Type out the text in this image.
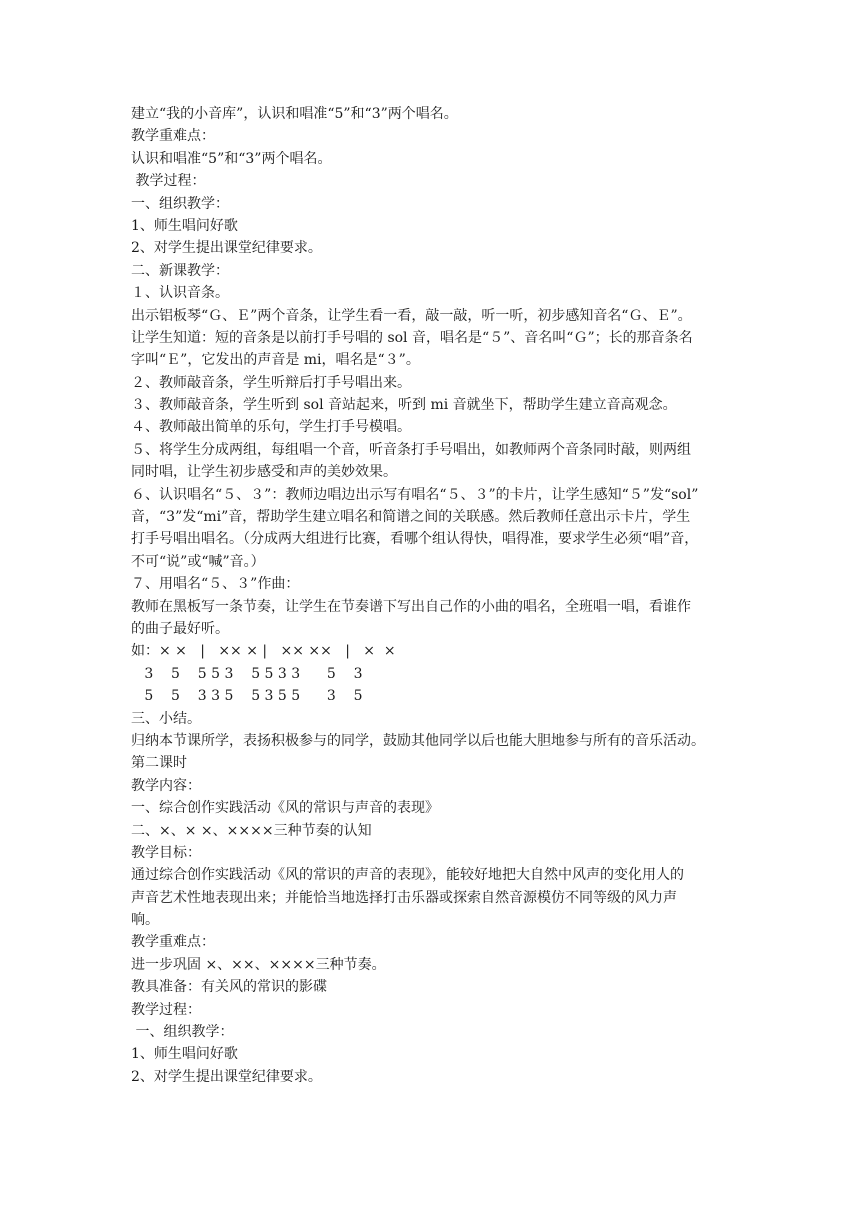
建立“我的小音库”，认识和唱准“5”和“3”两个唱名。
教学重难点：
认识和唱准“5”和“3”两个唱名。
教学过程：
一、组织教学：
1、师生唱问好歌
2、对学生提出课堂纪律要求。
二、新课教学：
１、认识音条。
出示铝板琴“Ｇ、Ｅ”两个音条，让学生看一看，敲一敲，听一听，初步感知音名“Ｇ、Ｅ”。
让学生知道：短的音条是以前打手号唱的 sol 音，唱名是“５”、音名叫“Ｇ”；长的那音条名
字叫“Ｅ”，它发出的声音是 mi，唱名是“３”。
２、教师敲音条，学生听辩后打手号唱出来。
３、教师敲音条，学生听到 sol 音站起来，听到 mi 音就坐下，帮助学生建立音高观念。
４、教师敲出简单的乐句，学生打手号模唱。
５、将学生分成两组，每组唱一个音，听音条打手号唱出，如教师两个音条同时敲，则两组
同时唱，让学生初步感受和声的美妙效果。
６、认识唱名“５、３”：教师边唱边出示写有唱名“５、３”的卡片，让学生感知“５”发“sol”
音，“3”发“mi”音，帮助学生建立唱名和简谱之间的关联感。然后教师任意出示卡片，学生
打手号唱出唱名。（分成两大组进行比赛，看哪个组认得快，唱得准，要求学生必须“唱”音，
不可“说”或“喊”音。）
７、用唱名“５、３”作曲：
教师在黑板写一条节奏，让学生在节奏谱下写出自己作的小曲的唱名，全班唱一唱，看谁作
的曲子最好听。
如：× ×   |   ×× × |   ×× ××   |   ×  ×
3    5    5 5 3    5 5 3 3      5    3
5    5    3 3 5    5 3 5 5      3    5
三、小结。
归纳本节课所学，表扬积极参与的同学，鼓励其他同学以后也能大胆地参与所有的音乐活动。
第二课时
教学内容：
一、综合创作实践活动《风的常识与声音的表现》
二、×、× ×、××××三种节奏的认知
教学目标：
通过综合创作实践活动《风的常识的声音的表现》，能较好地把大自然中风声的变化用人的
声音艺术性地表现出来；并能恰当地选择打击乐器或探索自然音源模仿不同等级的风力声
响。
教学重难点：
进一步巩固 ×、××、××××三种节奏。
教具准备：有关风的常识的影碟
教学过程：
一、组织教学：
1、师生唱问好歌
2、对学生提出课堂纪律要求。
